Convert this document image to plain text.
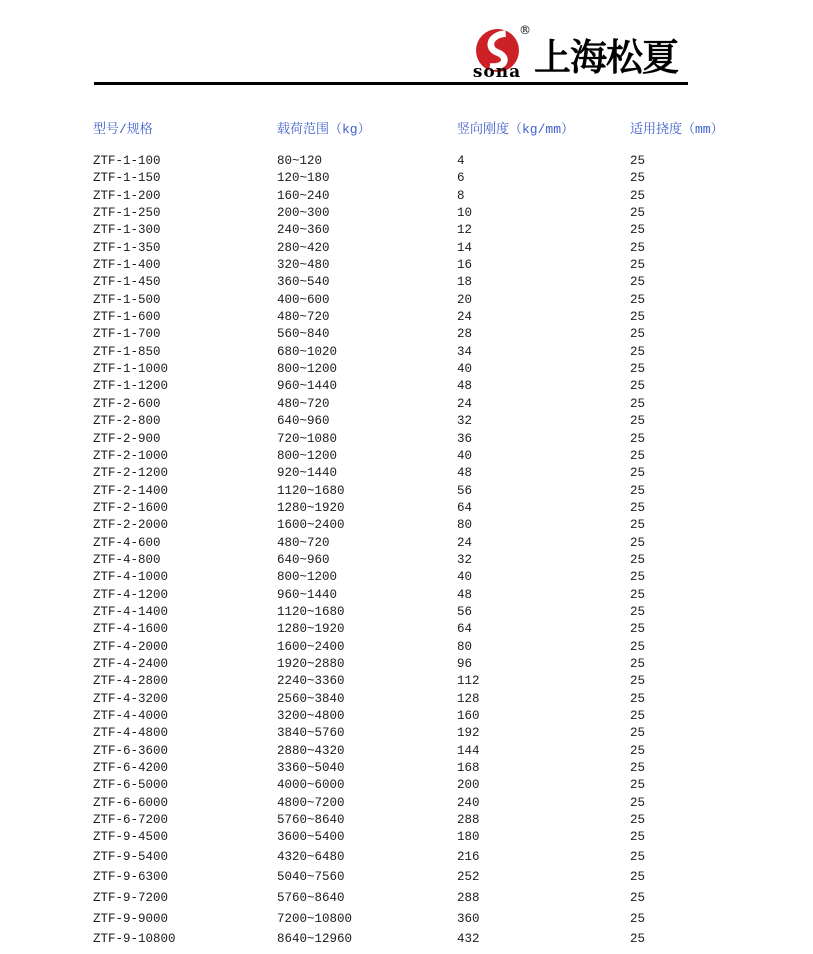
®
sona 上海松夏
型号/规格	载荷范围（kg）	竖向刚度（kg/mm）	适用挠度（mm）
ZTF-1-100	80~120	4	25
ZTF-1-150	120~180	6	25
ZTF-1-200	160~240	8	25
ZTF-1-250	200~300	10	25
ZTF-1-300	240~360	12	25
ZTF-1-350	280~420	14	25
ZTF-1-400	320~480	16	25
ZTF-1-450	360~540	18	25
ZTF-1-500	400~600	20	25
ZTF-1-600	480~720	24	25
ZTF-1-700	560~840	28	25
ZTF-1-850	680~1020	34	25
ZTF-1-1000	800~1200	40	25
ZTF-1-1200	960~1440	48	25
ZTF-2-600	480~720	24	25
ZTF-2-800	640~960	32	25
ZTF-2-900	720~1080	36	25
ZTF-2-1000	800~1200	40	25
ZTF-2-1200	920~1440	48	25
ZTF-2-1400	1120~1680	56	25
ZTF-2-1600	1280~1920	64	25
ZTF-2-2000	1600~2400	80	25
ZTF-4-600	480~720	24	25
ZTF-4-800	640~960	32	25
ZTF-4-1000	800~1200	40	25
ZTF-4-1200	960~1440	48	25
ZTF-4-1400	1120~1680	56	25
ZTF-4-1600	1280~1920	64	25
ZTF-4-2000	1600~2400	80	25
ZTF-4-2400	1920~2880	96	25
ZTF-4-2800	2240~3360	112	25
ZTF-4-3200	2560~3840	128	25
ZTF-4-4000	3200~4800	160	25
ZTF-4-4800	3840~5760	192	25
ZTF-6-3600	2880~4320	144	25
ZTF-6-4200	3360~5040	168	25
ZTF-6-5000	4000~6000	200	25
ZTF-6-6000	4800~7200	240	25
ZTF-6-7200	5760~8640	288	25
ZTF-9-4500	3600~5400	180	25
ZTF-9-5400	4320~6480	216	25
ZTF-9-6300	5040~7560	252	25
ZTF-9-7200	5760~8640	288	25
ZTF-9-9000	7200~10800	360	25
ZTF-9-10800	8640~12960	432	25
